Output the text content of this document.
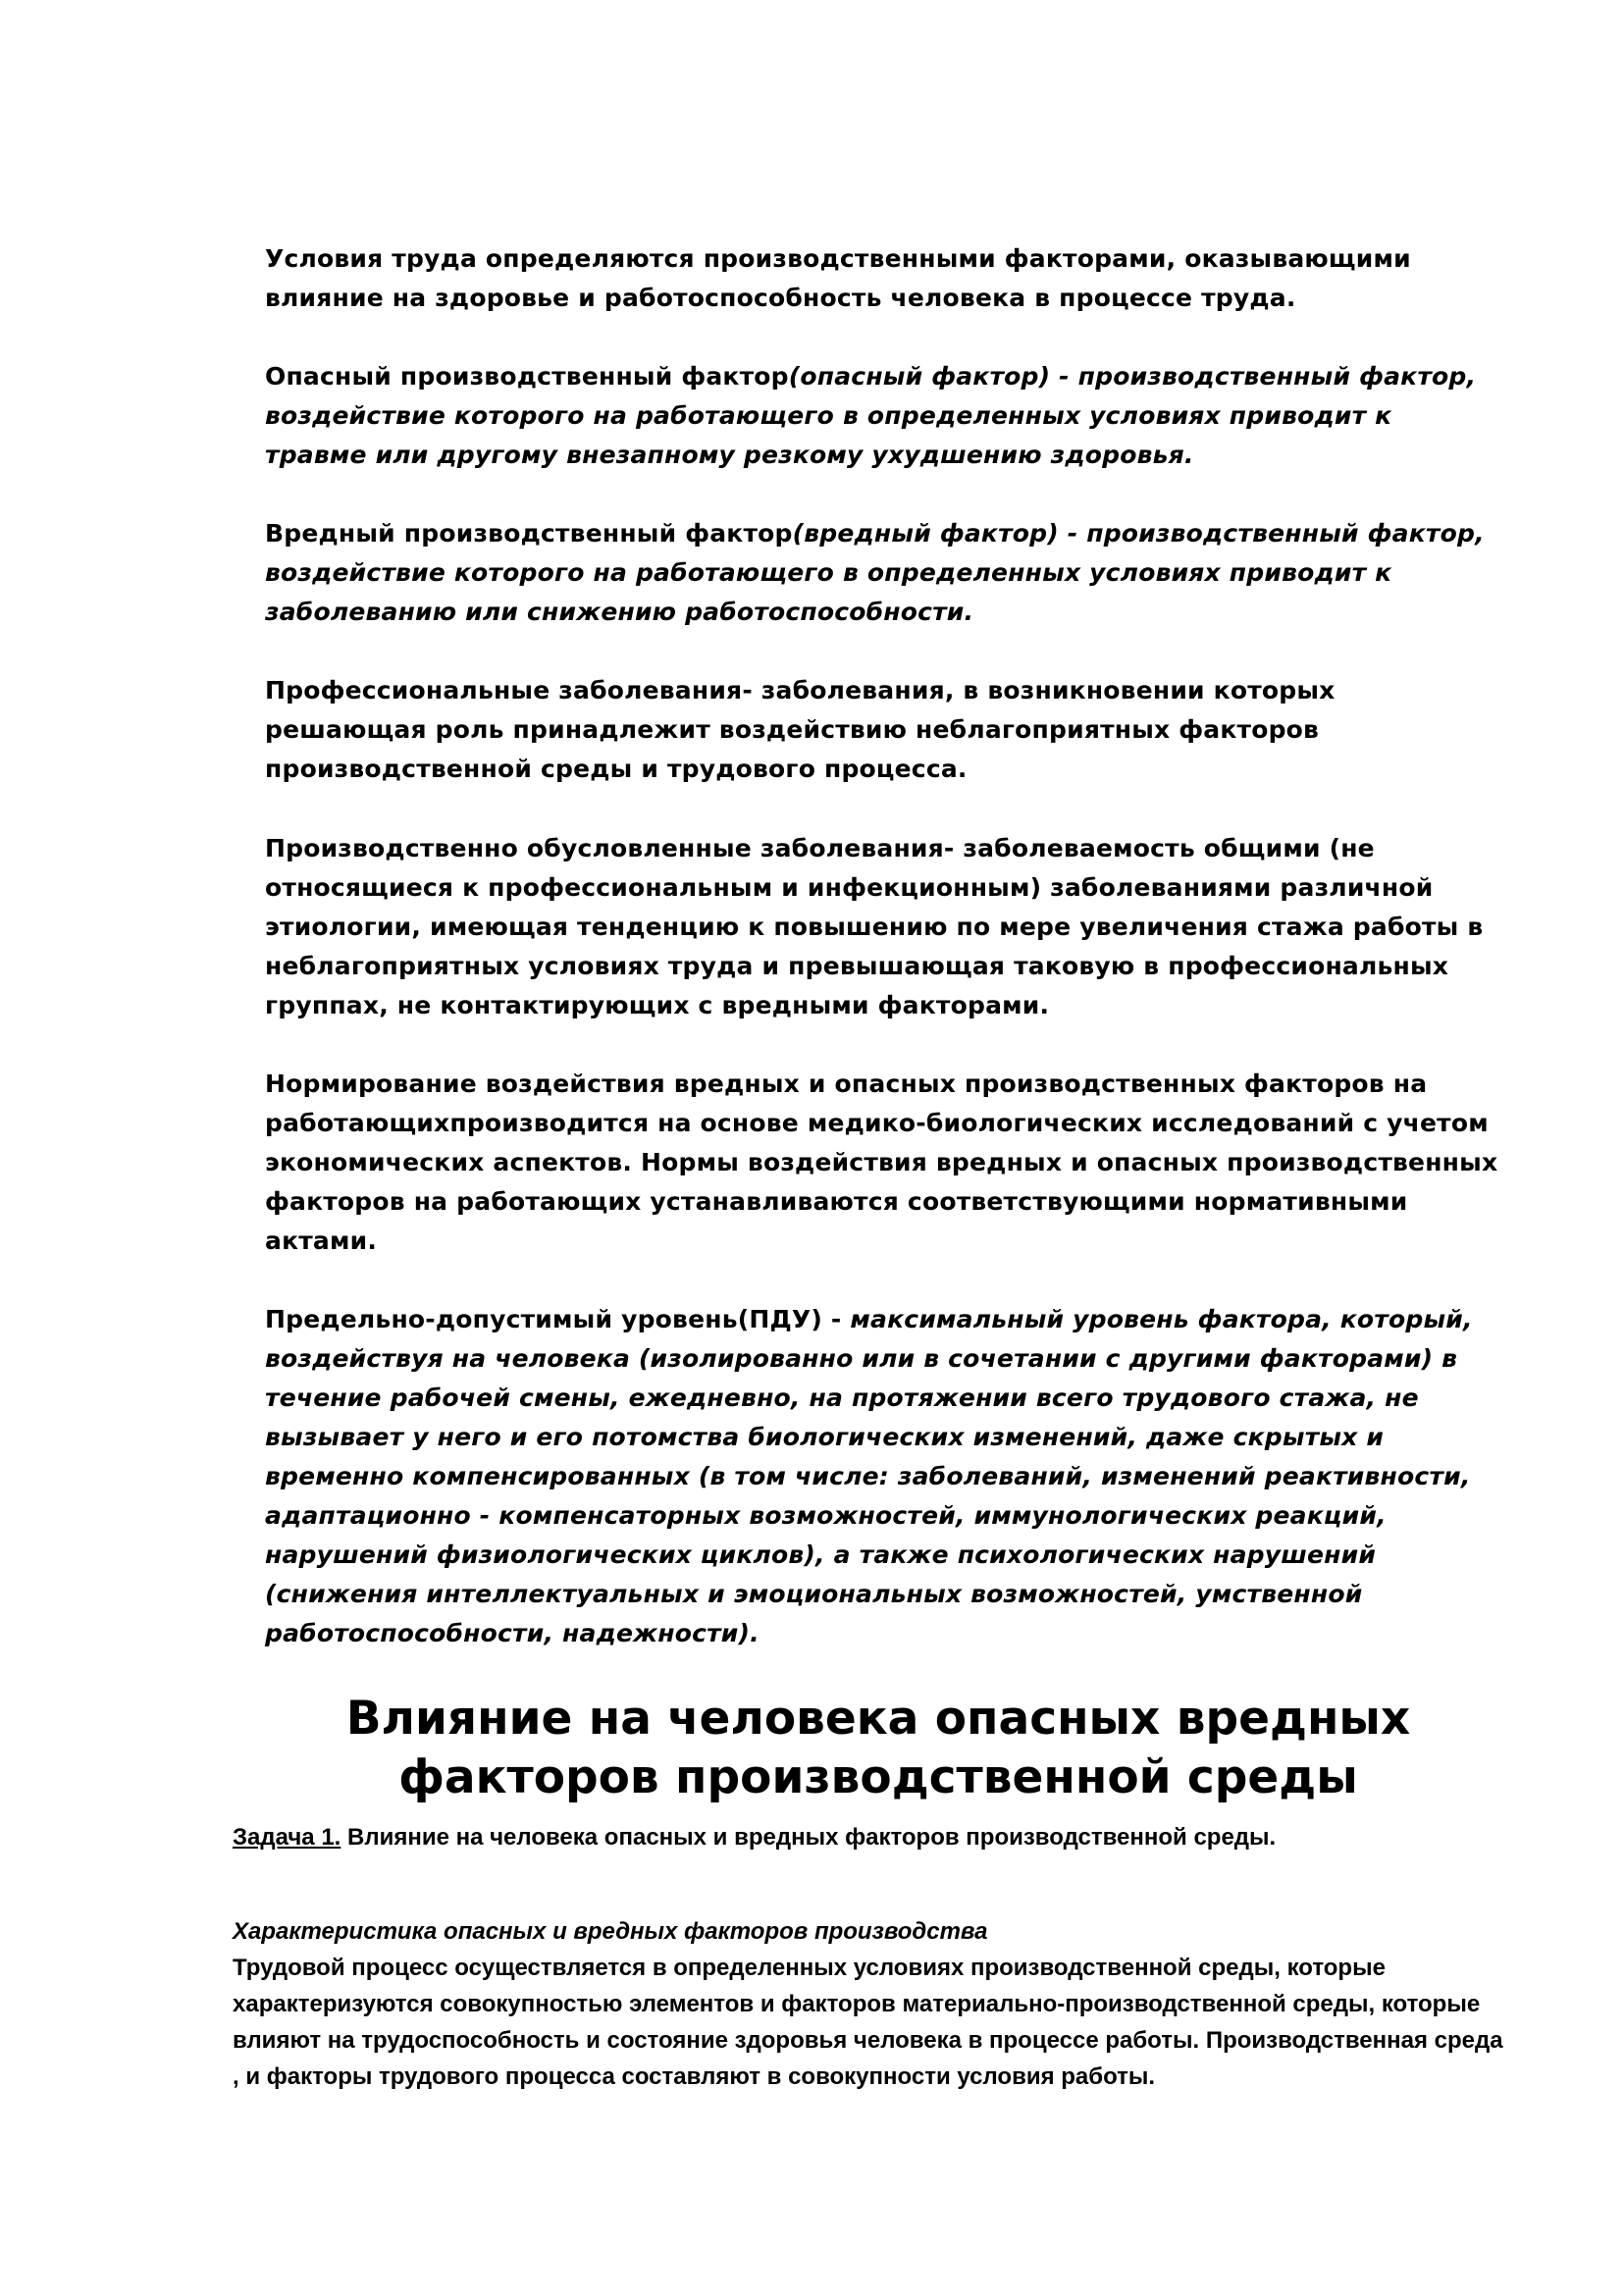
Условия труда определяются производственными факторами, оказывающими влияние на здоровье и работоспособность человека в процессе труда.

Опасный производственный фактор(опасный фактор) - производственный фактор, воздействие которого на работающего в определенных условиях приводит к травме или другому внезапному резкому ухудшению здоровья.

Вредный производственный фактор(вредный фактор) - производственный фактор, воздействие которого на работающего в определенных условиях приводит к заболеванию или снижению работоспособности.

Профессиональные заболевания- заболевания, в возникновении которых решающая роль принадлежит воздействию неблагоприятных факторов производственной среды и трудового процесса.

Производственно обусловленные заболевания- заболеваемость общими (не относящиеся к профессиональным и инфекционным) заболеваниями различной этиологии, имеющая тенденцию к повышению по мере увеличения стажа работы в неблагоприятных условиях труда и превышающая таковую в профессиональных группах, не контактирующих с вредными факторами.

Нормирование воздействия вредных и опасных производственных факторов на работающихпроизводится на основе медико-биологических исследований с учетом экономических аспектов. Нормы воздействия вредных и опасных производственных факторов на работающих устанавливаются соответствующими нормативными актами.

Предельно-допустимый уровень(ПДУ) - максимальный уровень фактора, который, воздействуя на человека (изолированно или в сочетании с другими факторами) в течение рабочей смены, ежедневно, на протяжении всего трудового стажа, не вызывает у него и его потомства биологических изменений, даже скрытых и временно компенсированных (в том числе: заболеваний, изменений реактивности, адаптационно - компенсаторных возможностей, иммунологических реакций, нарушений физиологических циклов), а также психологических нарушений (снижения интеллектуальных и эмоциональных возможностей, умственной работоспособности, надежности).

Влияние на человека опасных вредных факторов производственной среды

Задача 1. Влияние на человека опасных и вредных факторов производственной среды.

Характеристика опасных и вредных факторов производства

Трудовой процесс осуществляется в определенных условиях производственной среды, которые характеризуются совокупностью элементов и факторов материально-производственной среды, которые влияют на трудоспособность и состояние здоровья человека в процессе работы. Производственная среда , и факторы трудового процесса составляют в совокупности условия работы.
